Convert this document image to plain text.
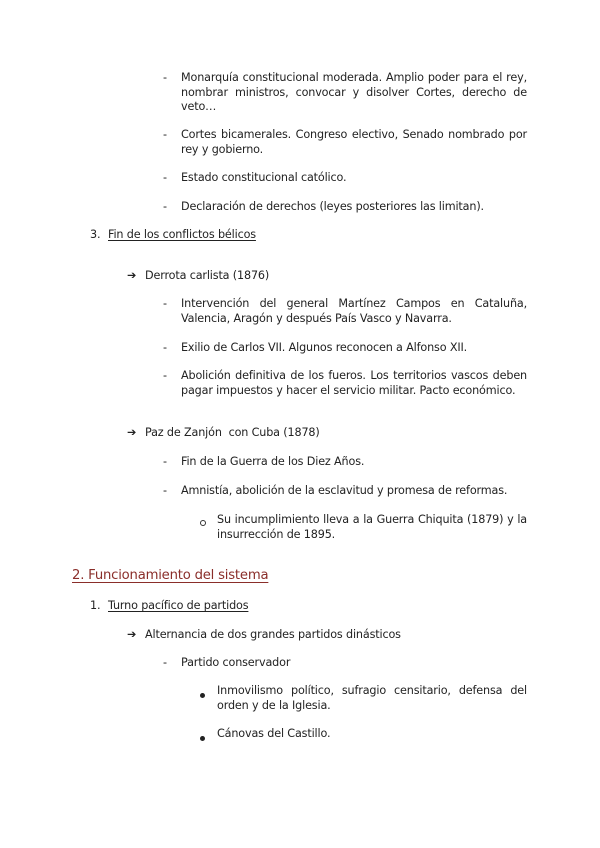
- Monarquía constitucional moderada. Amplio poder para el rey, nombrar ministros, convocar y disolver Cortes, derecho de veto…
- Cortes bicamerales. Congreso electivo, Senado nombrado por rey y gobierno.
- Estado constitucional católico.
- Declaración de derechos (leyes posteriores las limitan).
3. Fin de los conflictos bélicos
➔ Derrota carlista (1876)
- Intervención del general Martínez Campos en Cataluña, Valencia, Aragón y después País Vasco y Navarra.
- Exilio de Carlos VII. Algunos reconocen a Alfonso XII.
- Abolición definitiva de los fueros. Los territorios vascos deben pagar impuestos y hacer el servicio militar. Pacto económico.
➔ Paz de Zanjón  con Cuba (1878)
- Fin de la Guerra de los Diez Años.
- Amnistía, abolición de la esclavitud y promesa de reformas.
Su incumplimiento lleva a la Guerra Chiquita (1879) y la insurrección de 1895.
2. Funcionamiento del sistema
1. Turno pacífico de partidos
➔ Alternancia de dos grandes partidos dinásticos
- Partido conservador
Inmovilismo político, sufragio censitario, defensa del orden y de la Iglesia.
Cánovas del Castillo.
